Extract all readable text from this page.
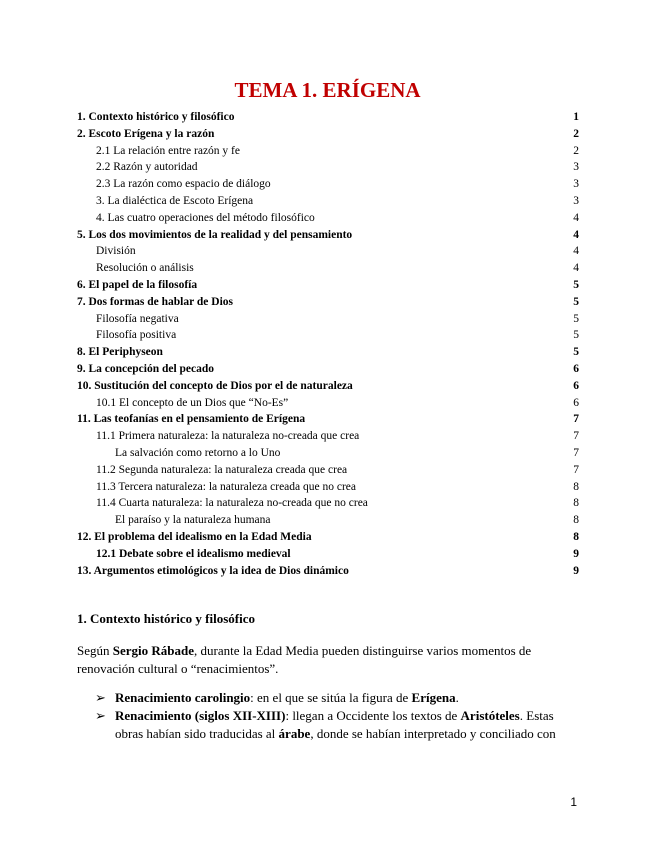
TEMA 1. ERÍGENA
1. Contexto histórico y filosófico	1
2. Escoto Erígena y la razón	2
2.1 La relación entre razón y fe	2
2.2 Razón y autoridad	3
2.3 La razón como espacio de diálogo	3
3. La dialéctica de Escoto Erígena	3
4. Las cuatro operaciones del método filosófico	4
5. Los dos movimientos de la realidad y del pensamiento	4
División	4
Resolución o análisis	4
6. El papel de la filosofía	5
7. Dos formas de hablar de Dios	5
Filosofía negativa	5
Filosofía positiva	5
8. El Periphyseon	5
9. La concepción del pecado	6
10. Sustitución del concepto de Dios por el de naturaleza	6
10.1 El concepto de un Dios que “No-Es”	6
11. Las teofanías en el pensamiento de Erígena	7
11.1 Primera naturaleza: la naturaleza no-creada que crea	7
La salvación como retorno a lo Uno	7
11.2 Segunda naturaleza: la naturaleza creada que crea	7
11.3 Tercera naturaleza: la naturaleza creada que no crea	8
11.4 Cuarta naturaleza: la naturaleza no-creada que no crea	8
El paraíso y la naturaleza humana	8
12. El problema del idealismo en la Edad Media	8
12.1 Debate sobre el idealismo medieval	9
13. Argumentos etimológicos y la idea de Dios dinámico	9
1. Contexto histórico y filosófico
Según Sergio Rábade, durante la Edad Media pueden distinguirse varios momentos de renovación cultural o “renacimientos”.
➢ Renacimiento carolingio: en el que se sitúa la figura de Erígena.
➢ Renacimiento (siglos XII-XIII): llegan a Occidente los textos de Aristóteles. Estas obras habían sido traducidas al árabe, donde se habían interpretado y conciliado con
1
